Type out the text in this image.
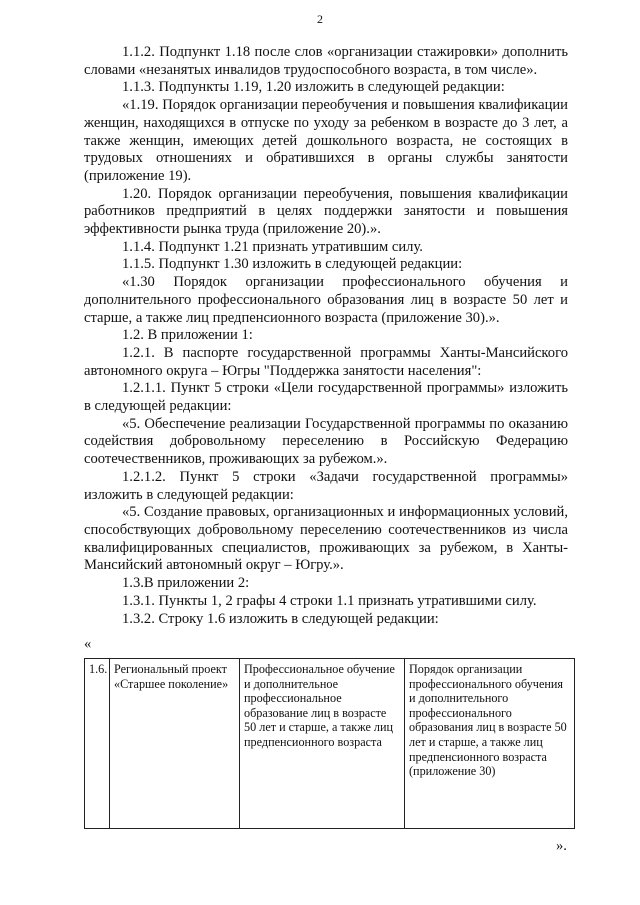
2

1.1.2. Подпункт 1.18 после слов «организации стажировки» дополнить словами «незанятых инвалидов трудоспособного возраста, в том числе».

1.1.3. Подпункты 1.19, 1.20 изложить в следующей редакции:

«1.19. Порядок организации переобучения и повышения квалификации женщин, находящихся в отпуске по уходу за ребенком в возрасте до 3 лет, а также женщин, имеющих детей дошкольного возраста, не состоящих в трудовых отношениях и обратившихся в органы службы занятости (приложение 19).

1.20. Порядок организации переобучения, повышения квалификации работников предприятий в целях поддержки занятости и повышения эффективности рынка труда (приложение 20).».

1.1.4. Подпункт 1.21 признать утратившим силу.

1.1.5. Подпункт 1.30 изложить в следующей редакции:

«1.30 Порядок организации профессионального обучения и дополнительного профессионального образования лиц в возрасте 50 лет и старше, а также лиц предпенсионного возраста (приложение 30).».

1.2. В приложении 1:

1.2.1. В паспорте государственной программы Ханты-Мансийского автономного округа – Югры "Поддержка занятости населения":

1.2.1.1. Пункт 5 строки «Цели государственной программы» изложить в следующей редакции:

«5. Обеспечение реализации Государственной программы по оказанию содействия добровольному переселению в Российскую Федерацию соотечественников, проживающих за рубежом.».

1.2.1.2. Пункт 5 строки «Задачи государственной программы» изложить в следующей редакции:

«5. Создание правовых, организационных и информационных условий, способствующих добровольному переселению соотечественников из числа квалифицированных специалистов, проживающих за рубежом, в Ханты-Мансийский автономный округ – Югру.».

1.3.В приложении 2:

1.3.1. Пункты 1, 2 графы 4 строки 1.1 признать утратившими силу.

1.3.2. Строку 1.6 изложить в следующей редакции:

«
1.6.	Региональный проект «Старшее поколение»	Профессиональное обучение и дополнительное профессиональное образование лиц в возрасте 50 лет и старше, а также лиц предпенсионного возраста	Порядок организации профессионального обучения и дополнительного профессионального образования лиц в возрасте 50 лет и старше, а также лиц предпенсионного возраста (приложение 30)
».
